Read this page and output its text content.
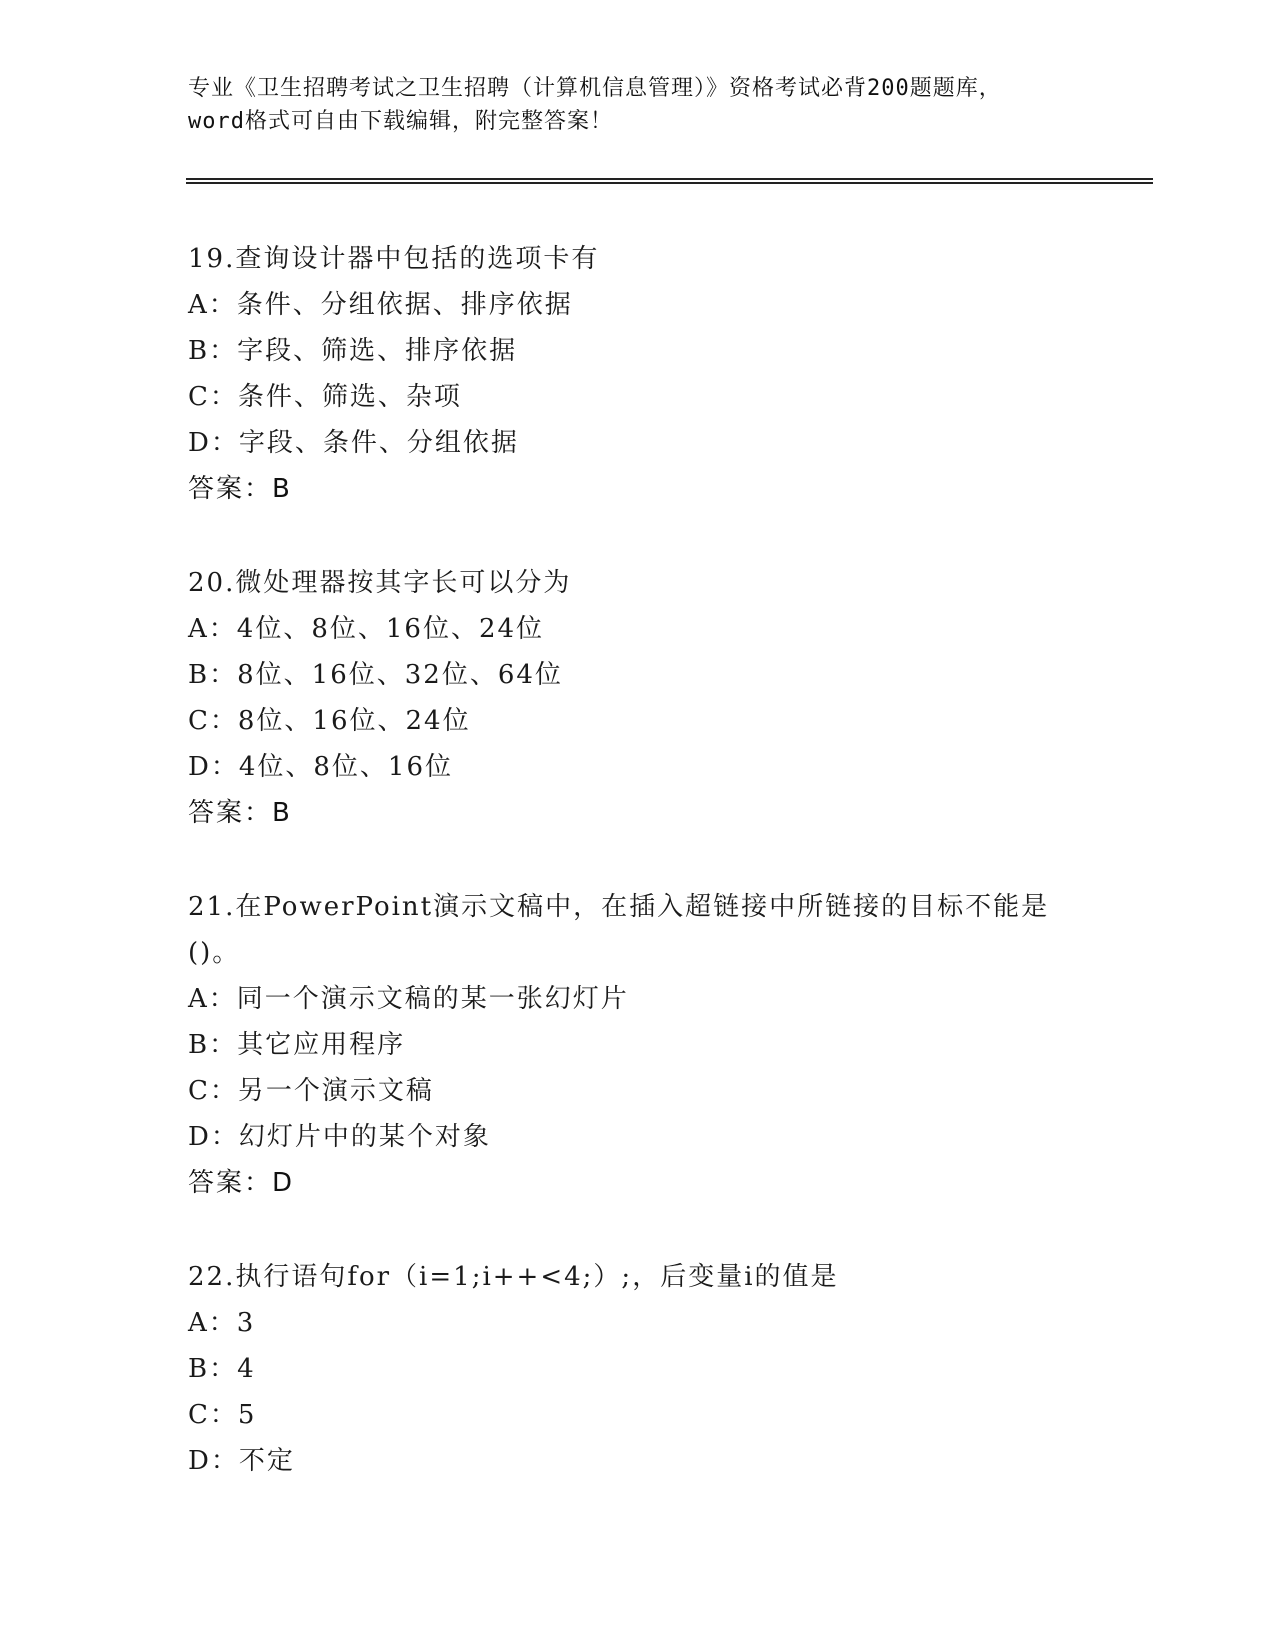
专业《卫生招聘考试之卫生招聘（计算机信息管理）》资格考试必背200题题库，
word格式可自由下载编辑，附完整答案！
19.查询设计器中包括的选项卡有
A：条件、分组依据、排序依据
B：字段、筛选、排序依据
C：条件、筛选、杂项
D：字段、条件、分组依据
答案：B
20.微处理器按其字长可以分为
A：4位、8位、16位、24位
B：8位、16位、32位、64位
C：8位、16位、24位
D：4位、8位、16位
答案：B
21.在PowerPoint演示文稿中，在插入超链接中所链接的目标不能是
()。
A：同一个演示文稿的某一张幻灯片
B：其它应用程序
C：另一个演示文稿
D：幻灯片中的某个对象
答案：D
22.执行语句for（i=1;i++<4;）;，后变量i的值是
A：3
B：4
C：5
D：不定
